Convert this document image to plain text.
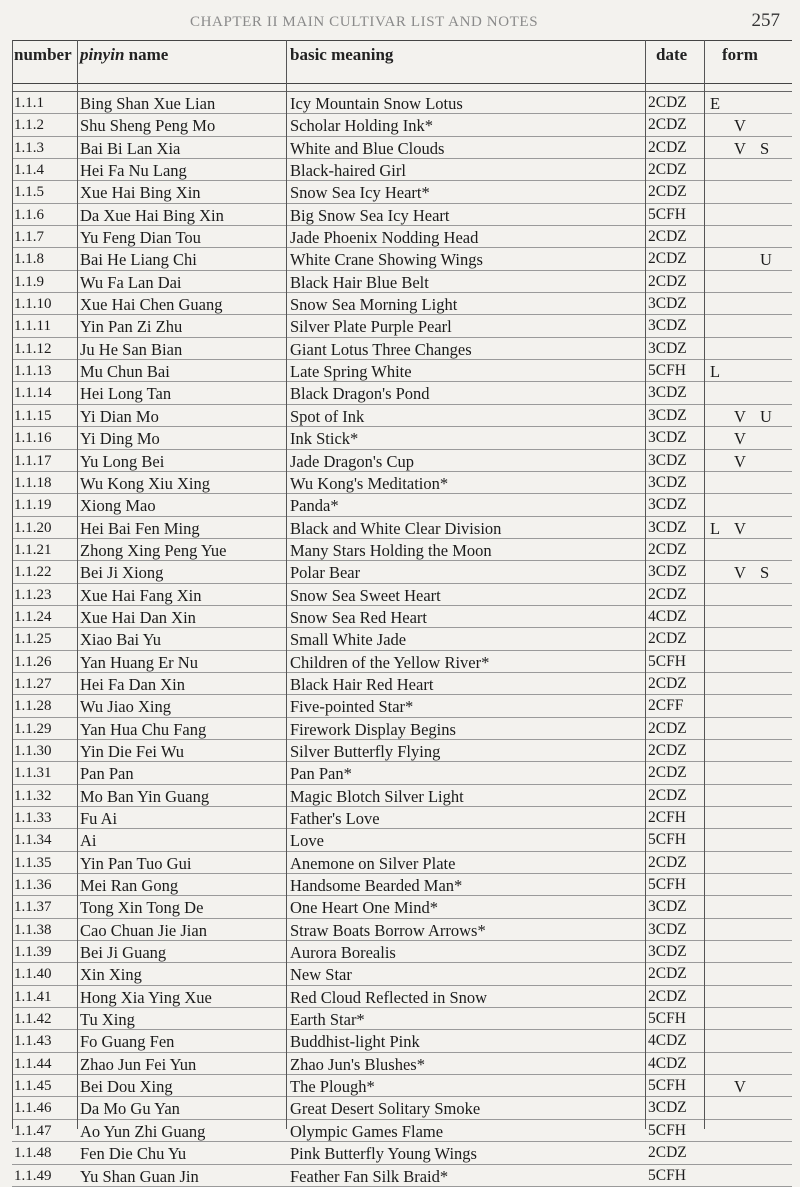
CHAPTER II MAIN CULTIVAR LIST AND NOTES	257
number pinyin name	basic meaning	date form
1.1.1 Bing Shan Xue Lian	Icy Mountain Snow Lotus	2CDZ E
1.1.2 Shu Sheng Peng Mo	Scholar Holding Ink*	2CDZ	V
1.1.3 Bai Bi Lan Xia	White and Blue Clouds	2CDZ	V S
1.1.4 Hei Fa Nu Lang	Black-haired Girl	2CDZ
1.1.5 Xue Hai Bing Xin	Snow Sea Icy Heart*	2CDZ
1.1.6 Da Xue Hai Bing Xin	Big Snow Sea Icy Heart	5CFH
1.1.7 Yu Feng Dian Tou	Jade Phoenix Nodding Head	2CDZ
1.1.8 Bai He Liang Chi	White Crane Showing Wings	2CDZ	U
1.1.9 Wu Fa Lan Dai	Black Hair Blue Belt	2CDZ
1.1.10 Xue Hai Chen Guang	Snow Sea Morning Light	3CDZ
1.1.11 Yin Pan Zi Zhu	Silver Plate Purple Pearl	3CDZ
1.1.12 Ju He San Bian	Giant Lotus Three Changes	3CDZ
1.1.13 Mu Chun Bai	Late Spring White	5CFH L
1.1.14 Hei Long Tan	Black Dragon's Pond	3CDZ
1.1.15 Yi Dian Mo	Spot of Ink	3CDZ	V U
1.1.16 Yi Ding Mo	Ink Stick*	3CDZ	V
1.1.17 Yu Long Bei	Jade Dragon's Cup	3CDZ	V
1.1.18 Wu Kong Xiu Xing	Wu Kong's Meditation*	3CDZ
1.1.19 Xiong Mao	Panda*	3CDZ
1.1.20 Hei Bai Fen Ming	Black and White Clear Division	3CDZ L V
1.1.21 Zhong Xing Peng Yue	Many Stars Holding the Moon	2CDZ
1.1.22 Bei Ji Xiong	Polar Bear	3CDZ	V S
1.1.23 Xue Hai Fang Xin	Snow Sea Sweet Heart	2CDZ
1.1.24 Xue Hai Dan Xin	Snow Sea Red Heart	4CDZ
1.1.25 Xiao Bai Yu	Small White Jade	2CDZ
1.1.26 Yan Huang Er Nu	Children of the Yellow River*	5CFH
1.1.27 Hei Fa Dan Xin	Black Hair Red Heart	2CDZ
1.1.28 Wu Jiao Xing	Five-pointed Star*	2CFF
1.1.29 Yan Hua Chu Fang	Firework Display Begins	2CDZ
1.1.30 Yin Die Fei Wu	Silver Butterfly Flying	2CDZ
1.1.31 Pan Pan	Pan Pan*	2CDZ
1.1.32 Mo Ban Yin Guang	Magic Blotch Silver Light	2CDZ
1.1.33 Fu Ai	Father's Love	2CFH
1.1.34 Ai	Love	5CFH
1.1.35 Yin Pan Tuo Gui	Anemone on Silver Plate	2CDZ
1.1.36 Mei Ran Gong	Handsome Bearded Man*	5CFH
1.1.37 Tong Xin Tong De	One Heart One Mind*	3CDZ
1.1.38 Cao Chuan Jie Jian	Straw Boats Borrow Arrows*	3CDZ
1.1.39 Bei Ji Guang	Aurora Borealis	3CDZ
1.1.40 Xin Xing	New Star	2CDZ
1.1.41 Hong Xia Ying Xue	Red Cloud Reflected in Snow	2CDZ
1.1.42 Tu Xing	Earth Star*	5CFH
1.1.43 Fo Guang Fen	Buddhist-light Pink	4CDZ
1.1.44 Zhao Jun Fei Yun	Zhao Jun's Blushes*	4CDZ
1.1.45 Bei Dou Xing	The Plough*	5CFH	V
1.1.46 Da Mo Gu Yan	Great Desert Solitary Smoke	3CDZ
1.1.47 Ao Yun Zhi Guang	Olympic Games Flame	5CFH
1.1.48 Fen Die Chu Yu	Pink Butterfly Young Wings	2CDZ
1.1.49 Yu Shan Guan Jin	Feather Fan Silk Braid*	5CFH
